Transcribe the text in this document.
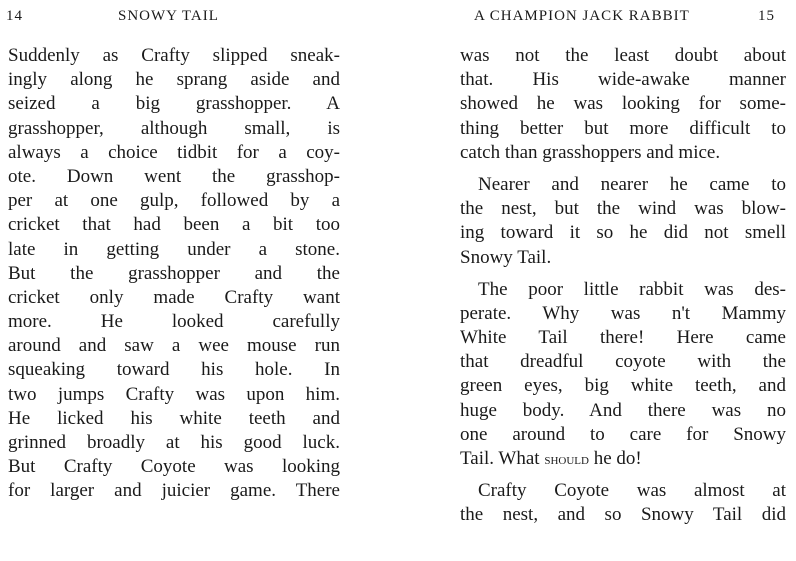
14	SNOWY TAIL
Suddenly as Crafty slipped sneak-
ingly along he sprang aside and
seized a big grasshopper. A
grasshopper, although small, is
always a choice tidbit for a coy-
ote. Down went the grasshop-
per at one gulp, followed by a
cricket that had been a bit too
late in getting under a stone.
But the grasshopper and the
cricket only made Crafty want
more. He looked carefully
around and saw a wee mouse run
squeaking toward his hole. In
two jumps Crafty was upon him.
He licked his white teeth and
grinned broadly at his good luck.
But Crafty Coyote was looking
for larger and juicier game. There
A CHAMPION JACK RABBIT	15
was not the least doubt about
that. His wide-awake manner
showed he was looking for some-
thing better but more difficult to
catch than grasshoppers and mice.
Nearer and nearer he came to
the nest, but the wind was blow-
ing toward it so he did not smell
Snowy Tail.
The poor little rabbit was des-
perate. Why was n't Mammy
White Tail there! Here came
that dreadful coyote with the
green eyes, big white teeth, and
huge body. And there was no
one around to care for Snowy
Tail. What should he do!
Crafty Coyote was almost at
the nest, and so Snowy Tail did
